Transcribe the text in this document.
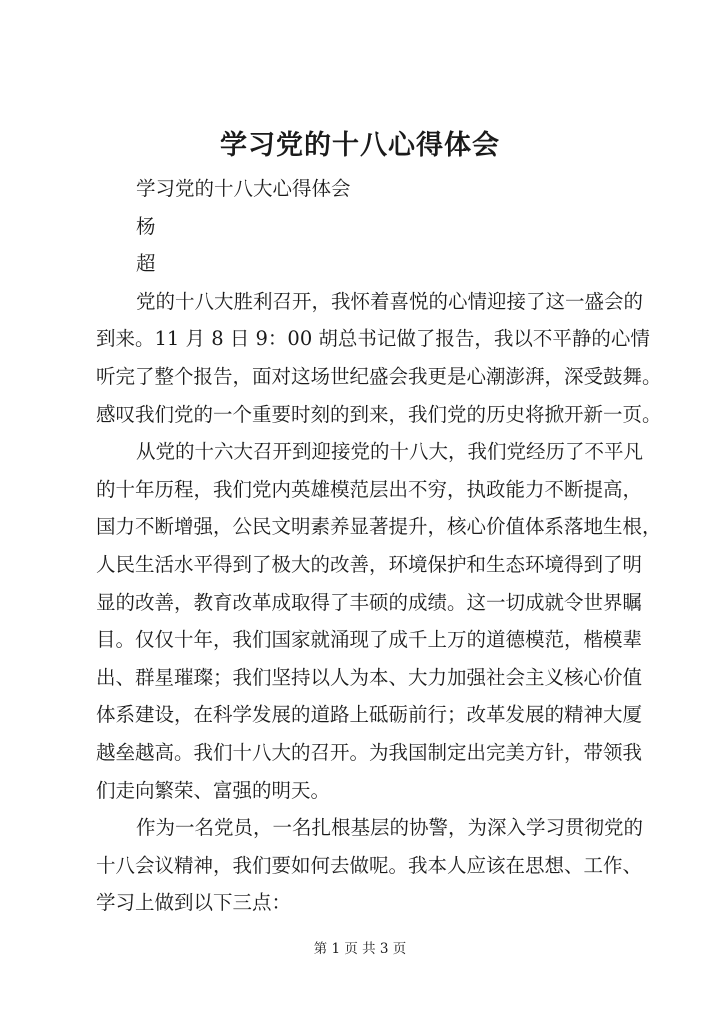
学习党的十八心得体会
学习党的十八大心得体会
杨
超
党的十八大胜利召开，我怀着喜悦的心情迎接了这一盛会的
到来。11 月 8 日 9：00 胡总书记做了报告，我以不平静的心情
听完了整个报告，面对这场世纪盛会我更是心潮澎湃，深受鼓舞。
感叹我们党的一个重要时刻的到来，我们党的历史将掀开新一页。
从党的十六大召开到迎接党的十八大，我们党经历了不平凡
的十年历程，我们党内英雄模范层出不穷，执政能力不断提高，
国力不断增强，公民文明素养显著提升，核心价值体系落地生根，
人民生活水平得到了极大的改善，环境保护和生态环境得到了明
显的改善，教育改革成取得了丰硕的成绩。这一切成就令世界瞩
目。仅仅十年，我们国家就涌现了成千上万的道德模范，楷模辈
出、群星璀璨；我们坚持以人为本、大力加强社会主义核心价值
体系建设，在科学发展的道路上砥砺前行；改革发展的精神大厦
越垒越高。我们十八大的召开。为我国制定出完美方针，带领我
们走向繁荣、富强的明天。
作为一名党员，一名扎根基层的协警，为深入学习贯彻党的
十八会议精神，我们要如何去做呢。我本人应该在思想、工作、
学习上做到以下三点：
第 1 页 共 3 页
